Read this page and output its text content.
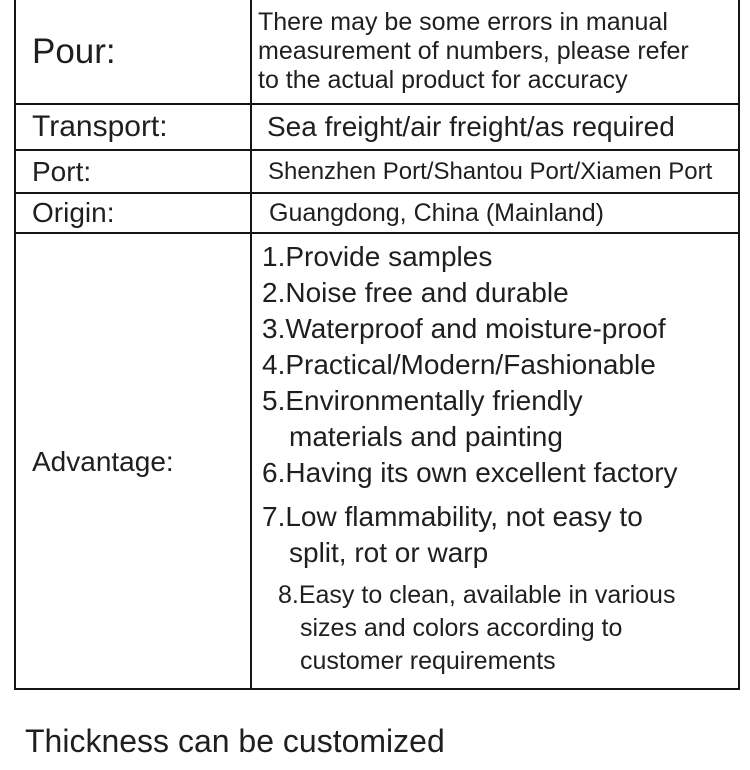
Pour:
There may be some errors in manual
measurement of numbers, please refer
to the actual product for accuracy
Transport:	Sea freight/air freight/as required
Port:	Shenzhen Port/Shantou Port/Xiamen Port
Origin:	Guangdong, China (Mainland)
Advantage:
1.Provide samples
2.Noise free and durable
3.Waterproof and moisture-proof
4.Practical/Modern/Fashionable
5.Environmentally friendly
materials and painting
6.Having its own excellent factory
7.Low flammability, not easy to
split, rot or warp
8.Easy to clean, available in various
sizes and colors according to
customer requirements
Thickness can be customized
